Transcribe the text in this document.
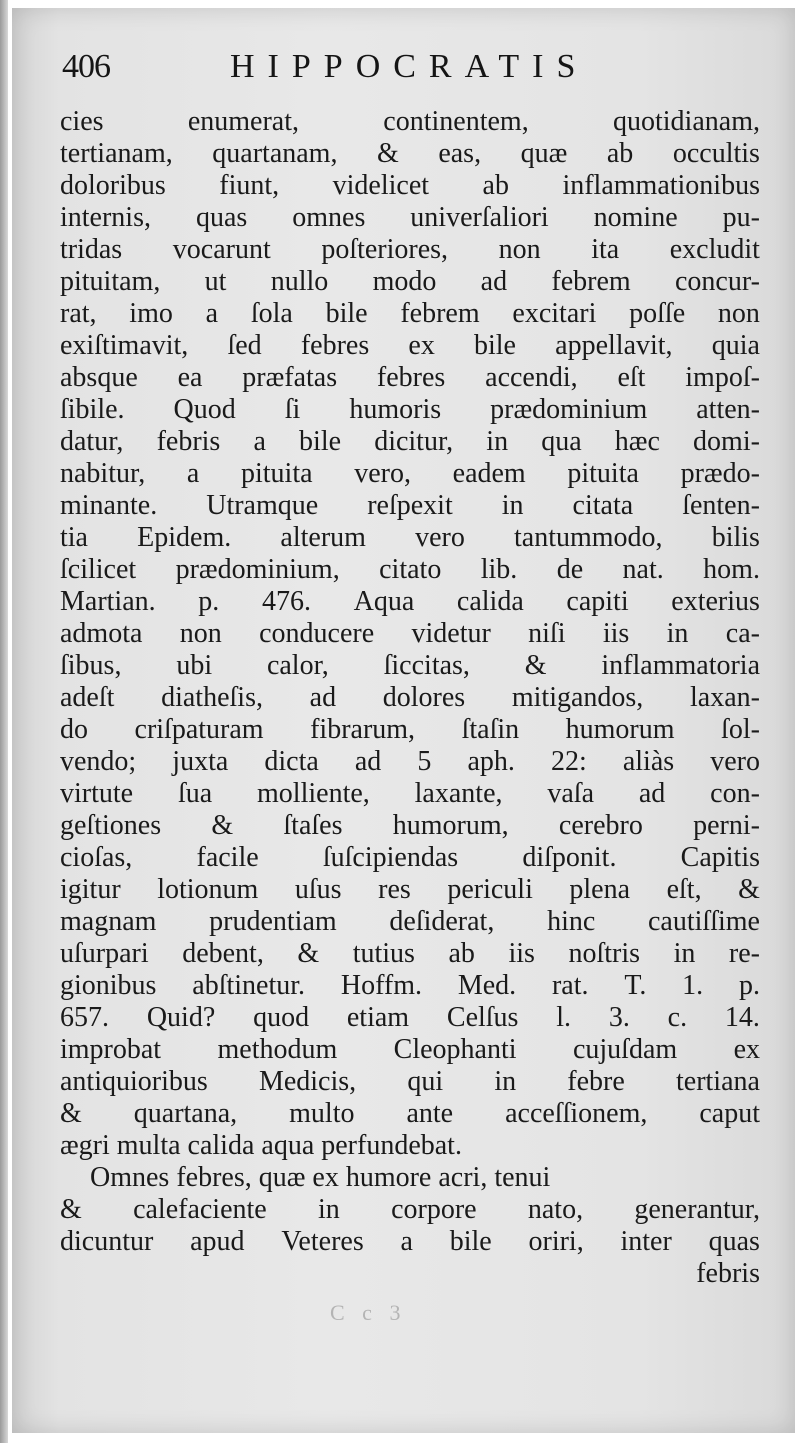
406	HIPPOCRATIS
cies	enumerat,	continentem,	quotidianam,
tertianam, quartanam, & eas, quæ ab occultis
doloribus fiunt, videlicet ab inflammationibus
internis, quas omnes univerſaliori nomine pu-
tridas vocarunt poſteriores, non ita excludit
pituitam, ut nullo modo ad febrem concur-
rat, imo a ſola bile febrem excitari poſſe non
exiſtimavit, ſed febres ex bile appellavit, quia
absque ea præfatas febres accendi, eſt impoſ-
ſibile. Quod ſi humoris prædominium atten-
datur, febris a bile dicitur, in qua hæc domi-
nabitur, a pituita vero, eadem pituita prædo-
minante. Utramque reſpexit in citata ſenten-
tia Epidem. alterum vero tantummodo, bilis
ſcilicet prædominium, citato lib. de nat. hom.
Martian. p. 476. Aqua calida capiti exterius
admota non conducere videtur niſi iis in ca-
ſibus, ubi calor, ſiccitas, & inflammatoria
adeſt diatheſis, ad dolores mitigandos, laxan-
do criſpaturam fibrarum, ſtaſin humorum ſol-
vendo; juxta dicta ad 5 aph. 22: aliàs vero
virtute ſua molliente, laxante, vaſa ad con-
geſtiones & ſtaſes humorum, cerebro perni-
cioſas, facile ſuſcipiendas diſponit. Capitis
igitur lotionum uſus res periculi plena eſt, &
magnam prudentiam deſiderat, hinc cautiſſime
uſurpari debent, & tutius ab iis noſtris in re-
gionibus abſtinetur. Hoffm. Med. rat. T. 1. p.
657. Quid? quod etiam Celſus l. 3. c. 14.
improbat methodum Cleophanti cujuſdam ex
antiquioribus Medicis, qui in febre tertiana
& quartana, multo ante acceſſionem, caput
ægri multa calida aqua perfundebat.
Omnes febres, quæ ex humore acri, tenui
& calefaciente in corpore nato, generantur,
dicuntur apud Veteres a bile oriri, inter quas
febris
C c 3
